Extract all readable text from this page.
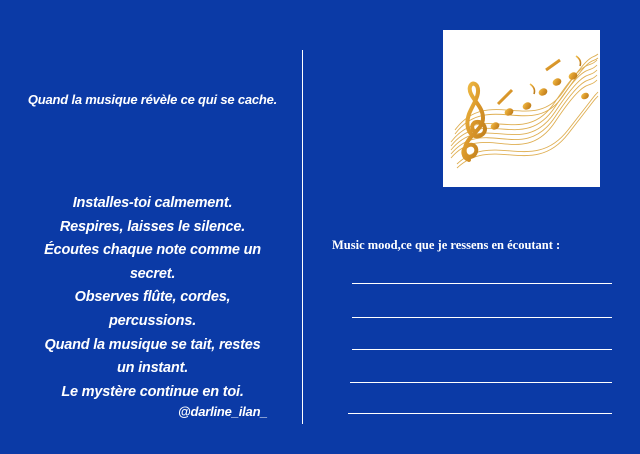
Quand la musique révèle ce qui se cache.
Installes-toi calmement.
Respires, laisses le silence.
Écoutes chaque note comme un
secret.
Observes flûte, cordes,
percussions.
Quand la musique se tait, restes
un instant.
Le mystère continue en toi.
@darline_ilan_
Music mood,ce que je ressens en écoutant :
